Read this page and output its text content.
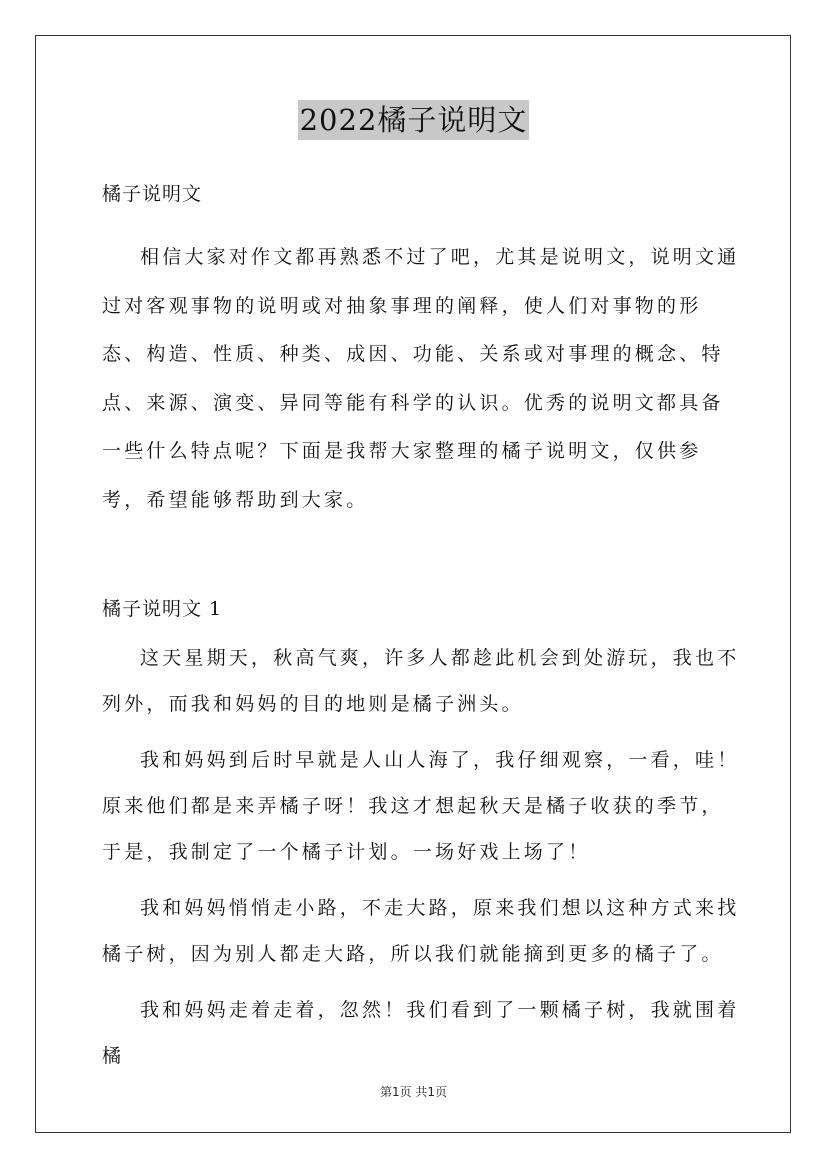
2022橘子说明文

橘子说明文

相信大家对作文都再熟悉不过了吧，尤其是说明文，说明文通过对客观事物的说明或对抽象事理的阐释，使人们对事物的形态、构造、性质、种类、成因、功能、关系或对事理的概念、特点、来源、演变、异同等能有科学的认识。优秀的说明文都具备一些什么特点呢？下面是我帮大家整理的橘子说明文，仅供参考，希望能够帮助到大家。

橘子说明文 1

这天星期天，秋高气爽，许多人都趁此机会到处游玩，我也不列外，而我和妈妈的目的地则是橘子洲头。

我和妈妈到后时早就是人山人海了，我仔细观察，一看，哇！原来他们都是来弄橘子呀！我这才想起秋天是橘子收获的季节，于是，我制定了一个橘子计划。一场好戏上场了！

我和妈妈悄悄走小路，不走大路，原来我们想以这种方式来找橘子树，因为别人都走大路，所以我们就能摘到更多的橘子了。

我和妈妈走着走着，忽然！我们看到了一颗橘子树，我就围着橘

第1页 共1页
